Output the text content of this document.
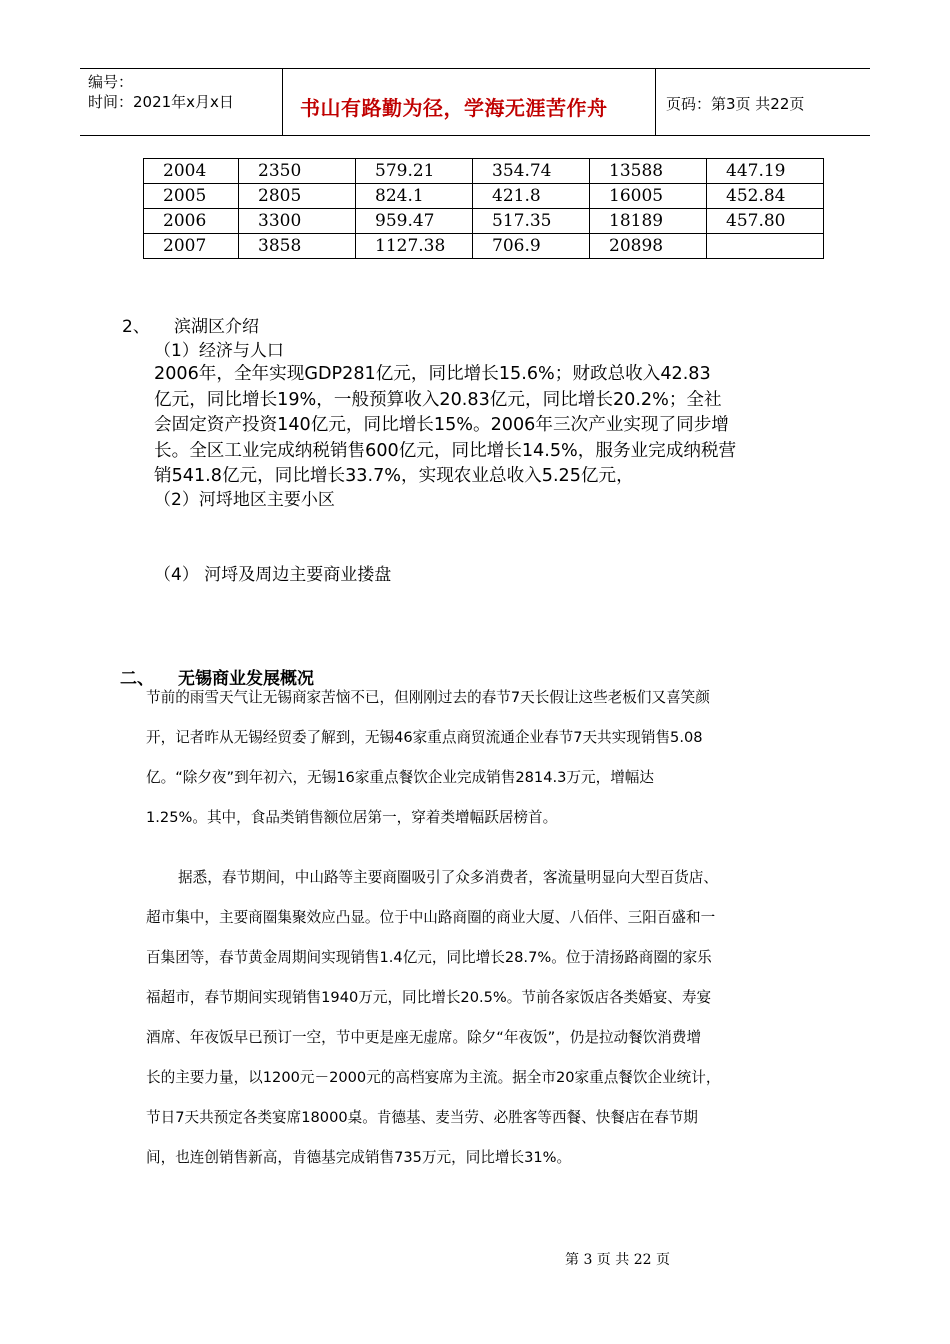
编号：
时间：2021年x月x日	书山有路勤为径，学海无涯苦作舟	页码：第3页 共22页
2004	2350	579.21	354.74	13588	447.19
2005	2805	824.1	421.8	16005	452.84
2006	3300	959.47	517.35	18189	457.80
2007	3858	1127.38	706.9	20898	
2、 滨湖区介绍
（1）经济与人口
2006年，全年实现GDP281亿元，同比增长15.6%；财政总收入42.83
亿元，同比增长19%，一般预算收入20.83亿元，同比增长20.2%；全社
会固定资产投资140亿元，同比增长15%。2006年三次产业实现了同步增
长。全区工业完成纳税销售600亿元，同比增长14.5%，服务业完成纳税营
销541.8亿元，同比增长33.7%，实现农业总收入5.25亿元，
（2）河埒地区主要小区
（4） 河埒及周边主要商业搂盘
二、 无锡商业发展概况
节前的雨雪天气让无锡商家苦恼不已，但刚刚过去的春节7天长假让这些老板们又喜笑颜
开，记者昨从无锡经贸委了解到，无锡46家重点商贸流通企业春节7天共实现销售5.08
亿。“除夕夜”到年初六，无锡16家重点餐饮企业完成销售2814.3万元，增幅达
1.25%。其中，食品类销售额位居第一，穿着类增幅跃居榜首。
据悉，春节期间，中山路等主要商圈吸引了众多消费者，客流量明显向大型百货店、
超市集中，主要商圈集聚效应凸显。位于中山路商圈的商业大厦、八佰伴、三阳百盛和一
百集团等，春节黄金周期间实现销售1.4亿元，同比增长28.7%。位于清扬路商圈的家乐
福超市，春节期间实现销售1940万元，同比增长20.5%。节前各家饭店各类婚宴、寿宴
酒席、年夜饭早已预订一空，节中更是座无虚席。除夕“年夜饭”，仍是拉动餐饮消费增
长的主要力量，以1200元－2000元的高档宴席为主流。据全市20家重点餐饮企业统计，
节日7天共预定各类宴席18000桌。肯德基、麦当劳、必胜客等西餐、快餐店在春节期
间，也连创销售新高，肯德基完成销售735万元，同比增长31%。
第 3 页 共 22 页
